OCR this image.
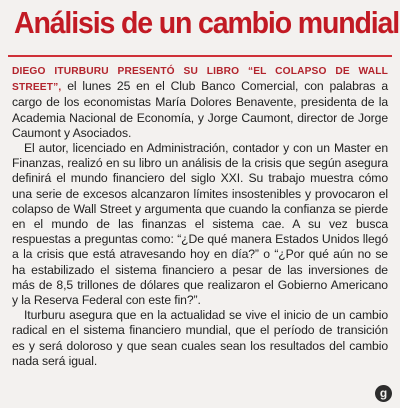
Análisis de un cambio mundial

DIEGO ITURBURU PRESENTÓ SU LIBRO “EL COLAPSO DE WALL STREET”, el lunes 25 en el Club Banco Comercial, con palabras a cargo de los economistas María Dolores Benavente, presidenta de la Academia Nacional de Economía, y Jorge Caumont, director de Jorge Caumont y Asociados.

El autor, licenciado en Administración, contador y con un Master en Finanzas, realizó en su libro un análisis de la crisis que según asegura definirá el mundo financiero del siglo XXI. Su trabajo muestra cómo una serie de excesos alcanzaron límites insostenibles y provocaron el colapso de Wall Street y argumenta que cuando la confianza se pierde en el mundo de las finanzas el sistema cae. A su vez busca respuestas a preguntas como: “¿De qué manera Estados Unidos llegó a la crisis que está atravesando hoy en día?” o “¿Por qué aún no se ha estabilizado el sistema financiero a pesar de las inversiones de más de 8,5 trillones de dólares que realizaron el Gobierno Americano y la Reserva Federal con este fin?”.

Iturburu asegura que en la actualidad se vive el inicio de un cambio radical en el sistema financiero mundial, que el período de transición es y será doloroso y que sean cuales sean los resultados del cambio nada será igual.

g
